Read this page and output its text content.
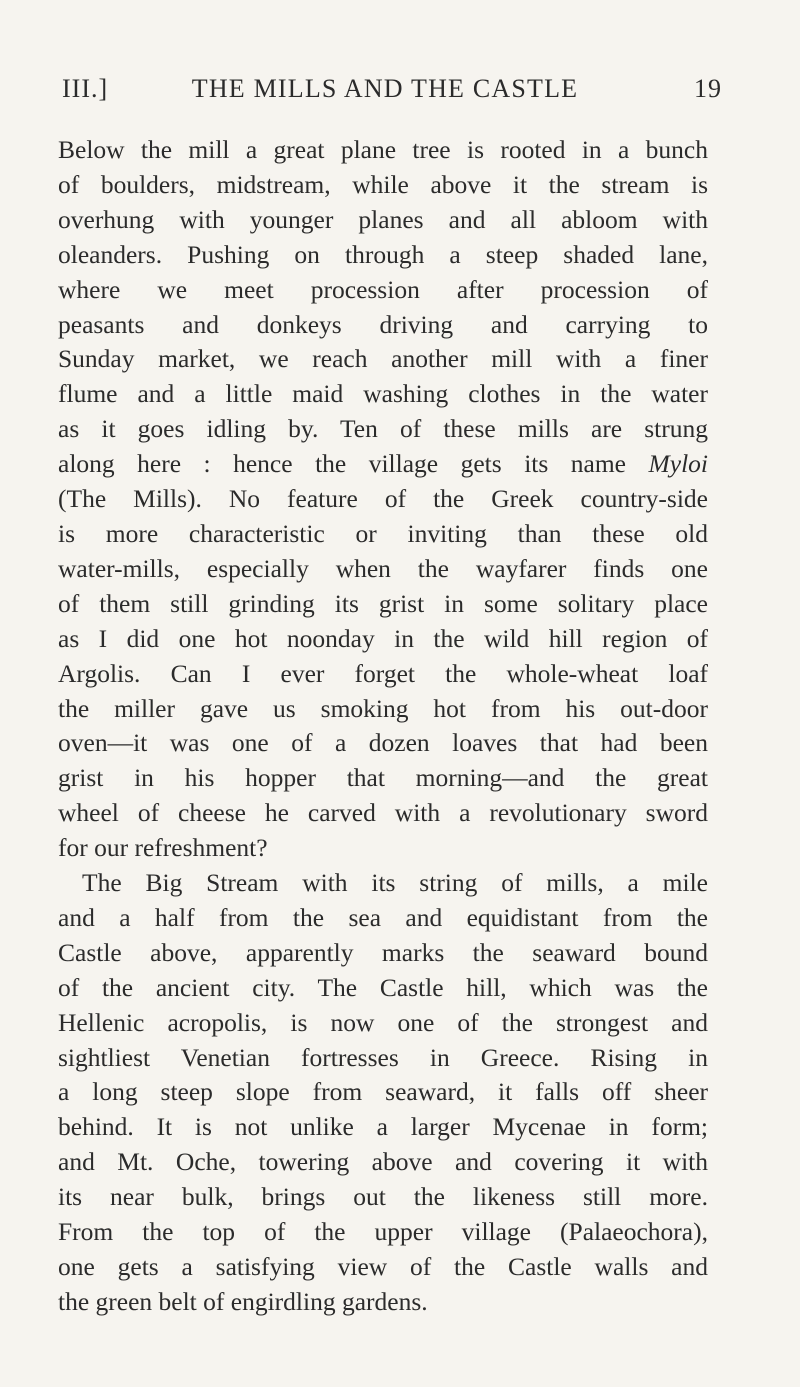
III.]	THE MILLS AND THE CASTLE	19
Below the mill a great plane tree is rooted in a bunch
of boulders, midstream, while above it the stream is
overhung with younger planes and all abloom with
oleanders. Pushing on through a steep shaded lane,
where we meet procession after procession of
peasants and donkeys driving and carrying to
Sunday market, we reach another mill with a finer
flume and a little maid washing clothes in the water
as it goes idling by. Ten of these mills are strung
along here : hence the village gets its name Myloi
(The Mills). No feature of the Greek country-side
is more characteristic or inviting than these old
water-mills, especially when the wayfarer finds one
of them still grinding its grist in some solitary place
as I did one hot noonday in the wild hill region of
Argolis. Can I ever forget the whole-wheat loaf
the miller gave us smoking hot from his out-door
oven—it was one of a dozen loaves that had been
grist in his hopper that morning—and the great
wheel of cheese he carved with a revolutionary sword
for our refreshment?
The Big Stream with its string of mills, a mile
and a half from the sea and equidistant from the
Castle above, apparently marks the seaward bound
of the ancient city. The Castle hill, which was the
Hellenic acropolis, is now one of the strongest and
sightliest Venetian fortresses in Greece. Rising in
a long steep slope from seaward, it falls off sheer
behind. It is not unlike a larger Mycenae in form;
and Mt. Oche, towering above and covering it with
its near bulk, brings out the likeness still more.
From the top of the upper village (Palaeochora),
one gets a satisfying view of the Castle walls and
the green belt of engirdling gardens.
